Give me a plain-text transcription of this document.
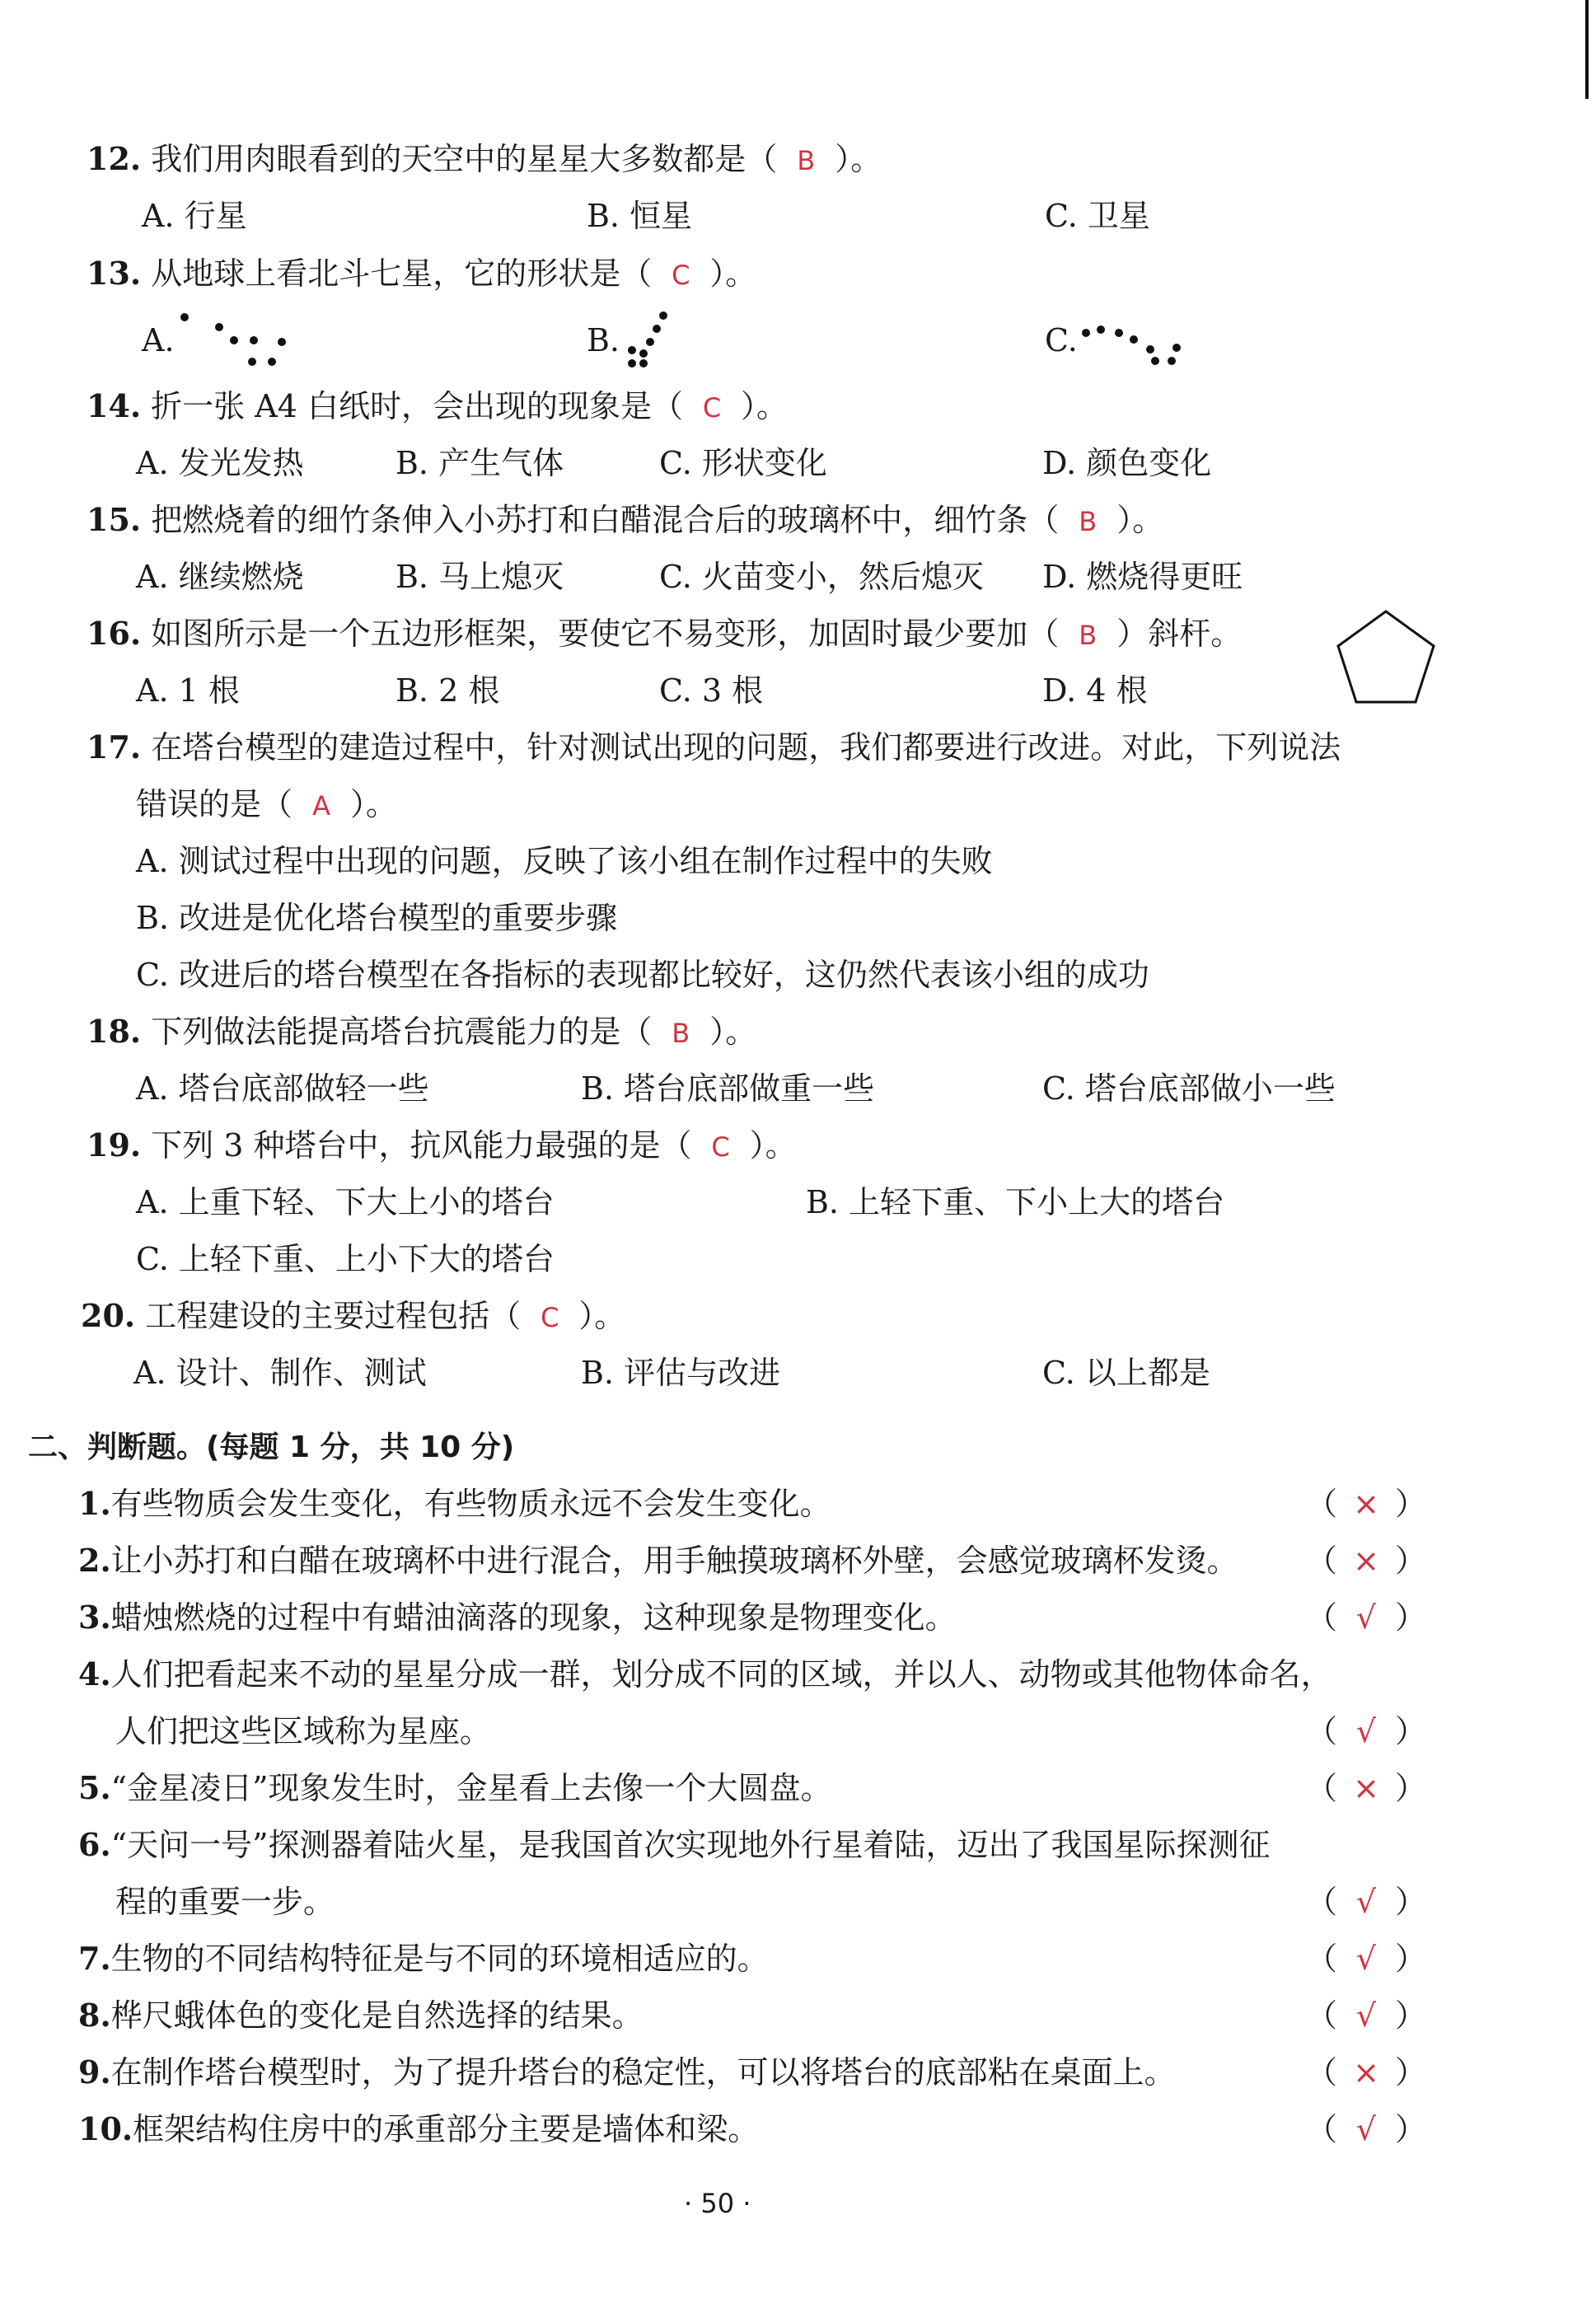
12. 我们用肉眼看到的天空中的星星大多数都是（ B ）。
A. 行星	B. 恒星	C. 卫星
13. 从地球上看北斗七星，它的形状是（ C ）。
A.	B.	C.
14. 折一张 A4 白纸时，会出现的现象是（ C ）。
A. 发光发热	B. 产生气体	C. 形状变化	D. 颜色变化
15. 把燃烧着的细竹条伸入小苏打和白醋混合后的玻璃杯中，细竹条（ B ）。
A. 继续燃烧	B. 马上熄灭	C. 火苗变小，然后熄灭 D. 燃烧得更旺
16. 如图所示是一个五边形框架，要使它不易变形，加固时最少要加（ B ）斜杆。
A. 1 根	B. 2 根	C. 3 根	D. 4 根
17. 在塔台模型的建造过程中，针对测试出现的问题，我们都要进行改进。对此，下列说法
错误的是（ A ）。
A. 测试过程中出现的问题，反映了该小组在制作过程中的失败
B. 改进是优化塔台模型的重要步骤
C. 改进后的塔台模型在各指标的表现都比较好，这仍然代表该小组的成功
18. 下列做法能提高塔台抗震能力的是（ B ）。
A. 塔台底部做轻一些	B. 塔台底部做重一些	C. 塔台底部做小一些
19. 下列 3 种塔台中，抗风能力最强的是（ C ）。
A. 上重下轻、下大上小的塔台	B. 上轻下重、下小上大的塔台
C. 上轻下重、上小下大的塔台
20. 工程建设的主要过程包括（ C ）。
A. 设计、制作、测试	B. 评估与改进	C. 以上都是
二、判断题。(每题 1 分，共 10 分)
1.有些物质会发生变化，有些物质永远不会发生变化。	（ × ）
2.让小苏打和白醋在玻璃杯中进行混合，用手触摸玻璃杯外壁，会感觉玻璃杯发烫。 （ × ）
3.蜡烛燃烧的过程中有蜡油滴落的现象，这种现象是物理变化。	（ √ ）
4.人们把看起来不动的星星分成一群，划分成不同的区域，并以人、动物或其他物体命名，
人们把这些区域称为星座。	（ √ ）
5.“金星凌日”现象发生时，金星看上去像一个大圆盘。	（ × ）
6.“天问一号”探测器着陆火星，是我国首次实现地外行星着陆，迈出了我国星际探测征
程的重要一步。	（ √ ）
7.生物的不同结构特征是与不同的环境相适应的。	（ √ ）
8.桦尺蛾体色的变化是自然选择的结果。	（ √ ）
9.在制作塔台模型时，为了提升塔台的稳定性，可以将塔台的底部粘在桌面上。	（ × ）
10.框架结构住房中的承重部分主要是墙体和梁。	（ √ ）
· 50 ·
